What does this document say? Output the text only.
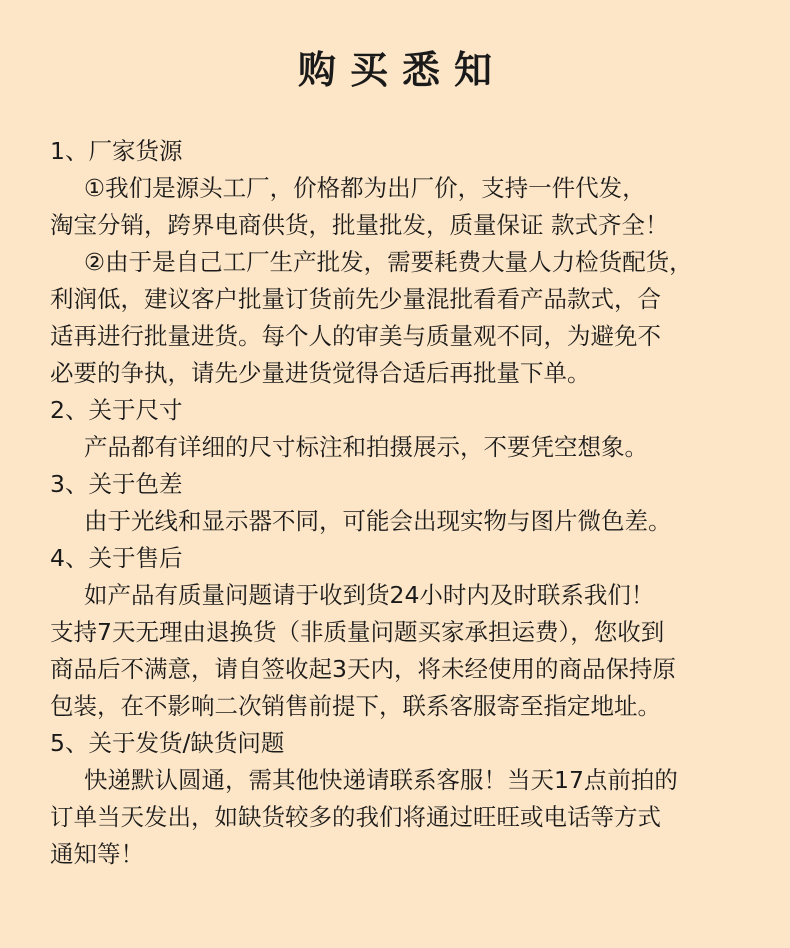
购买悉知
1、厂家货源
①我们是源头工厂，价格都为出厂价，支持一件代发，
淘宝分销，跨界电商供货，批量批发，质量保证 款式齐全！
②由于是自己工厂生产批发，需要耗费大量人力检货配货，
利润低，建议客户批量订货前先少量混批看看产品款式，合
适再进行批量进货。每个人的审美与质量观不同，为避免不
必要的争执，请先少量进货觉得合适后再批量下单。
2、关于尺寸
产品都有详细的尺寸标注和拍摄展示，不要凭空想象。
3、关于色差
由于光线和显示器不同，可能会出现实物与图片微色差。
4、关于售后
如产品有质量问题请于收到货24小时内及时联系我们！
支持7天无理由退换货（非质量问题买家承担运费），您收到
商品后不满意，请自签收起3天内，将未经使用的商品保持原
包装，在不影响二次销售前提下，联系客服寄至指定地址。
5、关于发货/缺货问题
快递默认圆通，需其他快递请联系客服！当天17点前拍的
订单当天发出，如缺货较多的我们将通过旺旺或电话等方式
通知等！
